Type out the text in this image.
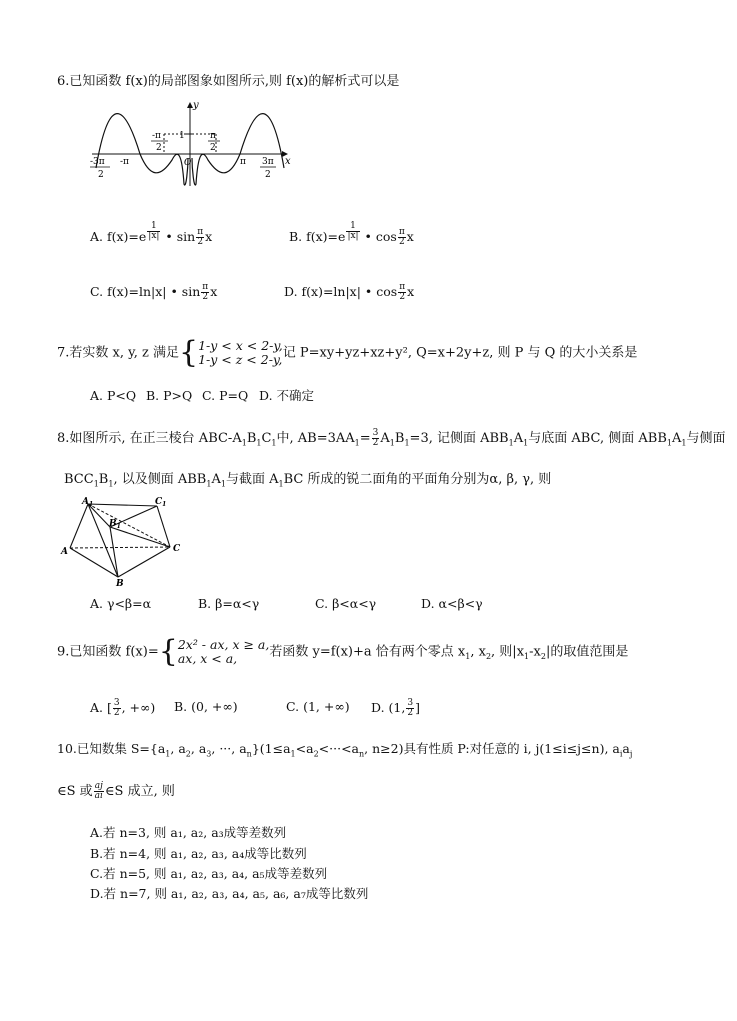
6.已知函数 f(x)的局部图象如图所示,则 f(x)的解析式可以是
y
x
O
1
-π
2
π
2
-3π
2
-π	π 3π
2
A. f(x)=e $^{\frac{1}{|x|}}$ • $\sin \frac{\pi}{2}$ x	B. f(x)=e $^{\frac{1}{|x|}}$ • $\cos \frac{\pi}{2}$ x
C. f(x)=ln|x| • $\sin \frac{\pi}{2}$ x	D. f(x)=ln|x| • $\cos \frac{\pi}{2}$ x
7.若实数 x, y, z 满足{ 1-y < x < 2-y,
1-y < z < 2-y, 记 P=xy+yz+xz+y², Q=x+2y+z, 则 P 与 Q 的大小关系是
A. P<Q B. P>Q C. P=Q D. 不确定
8.如图所示, 在正三棱台 ABC-$A_1B_1C_1$中, $AB=3AA_1= \frac{3}{2} A_1B_1=3$, 记侧面 $ABB_1A_1$与底面 ABC, 侧面 $ABB_1A_1$与侧面
$BCC_1B_1$, 以及侧面 $ABB_1A_1$与截面 $A_1BC$ 所成的锐二面角的平面角分别为α, β, γ, 则
$A_1$	$C_1$
$B_1$
A	C
B
A. γ<β=α	B. β=α<γ	C. β<α<γ	D. α<β<γ
9.已知函数 f(x)={ 2x² - ax, x ≥ a,
ax, x < a,	若函数 y=f(x)+a 恰有两个零点 $x_1$, $x_2$, 则$|x_1-x_2|$的取值范围是
A. [ $\frac{3}{2}$ , +∞) B. (0, +∞)	C. (1, +∞) D. (1, $\frac{3}{2}$ ]
10.已知数集 $S=\{a_1$, $a_2$, $a_3$, ···, $a_n\}(1\le a_1<a_2<\cdot\cdot\cdot<a_n$, n≥2)具有性质 P:对任意的 i, j(1≤i≤j≤n), $a_ia_j$
∈S 或 $\frac{aj}{ai}$ ∈S 成立, 则
A.若 n=3, 则 a₁, a₂, a₃成等差数列
B.若 n=4, 则 a₁, a₂, a₃, a₄成等比数列
C.若 n=5, 则 a₁, a₂, a₃, a₄, a₅成等差数列
D.若 n=7, 则 a₁, a₂, a₃, a₄, a₅, a₆, a₇成等比数列
